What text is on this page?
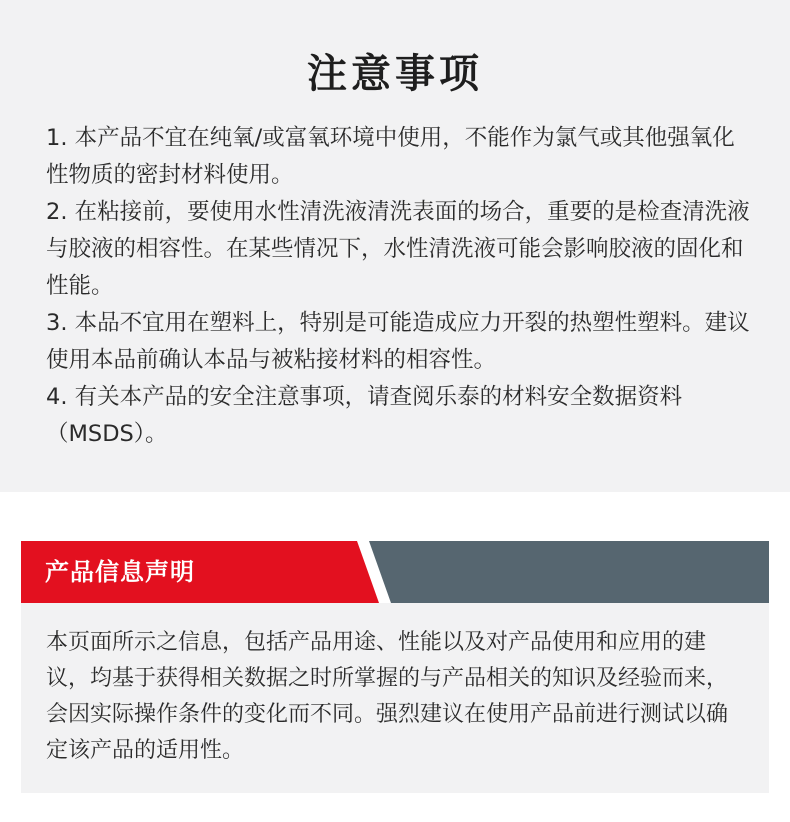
注意事项

1. 本产品不宜在纯氧/或富氧环境中使用，不能作为氯气或其他强氧化性物质的密封材料使用。

2. 在粘接前，要使用水性清洗液清洗表面的场合，重要的是检查清洗液与胶液的相容性。在某些情况下，水性清洗液可能会影响胶液的固化和性能。

3. 本品不宜用在塑料上，特别是可能造成应力开裂的热塑性塑料。建议使用本品前确认本品与被粘接材料的相容性。

4. 有关本产品的安全注意事项，请查阅乐泰的材料安全数据资料（MSDS）。

产品信息声明

本页面所示之信息，包括产品用途、性能以及对产品使用和应用的建议，均基于获得相关数据之时所掌握的与产品相关的知识及经验而来，会因实际操作条件的变化而不同。强烈建议在使用产品前进行测试以确定该产品的适用性。
